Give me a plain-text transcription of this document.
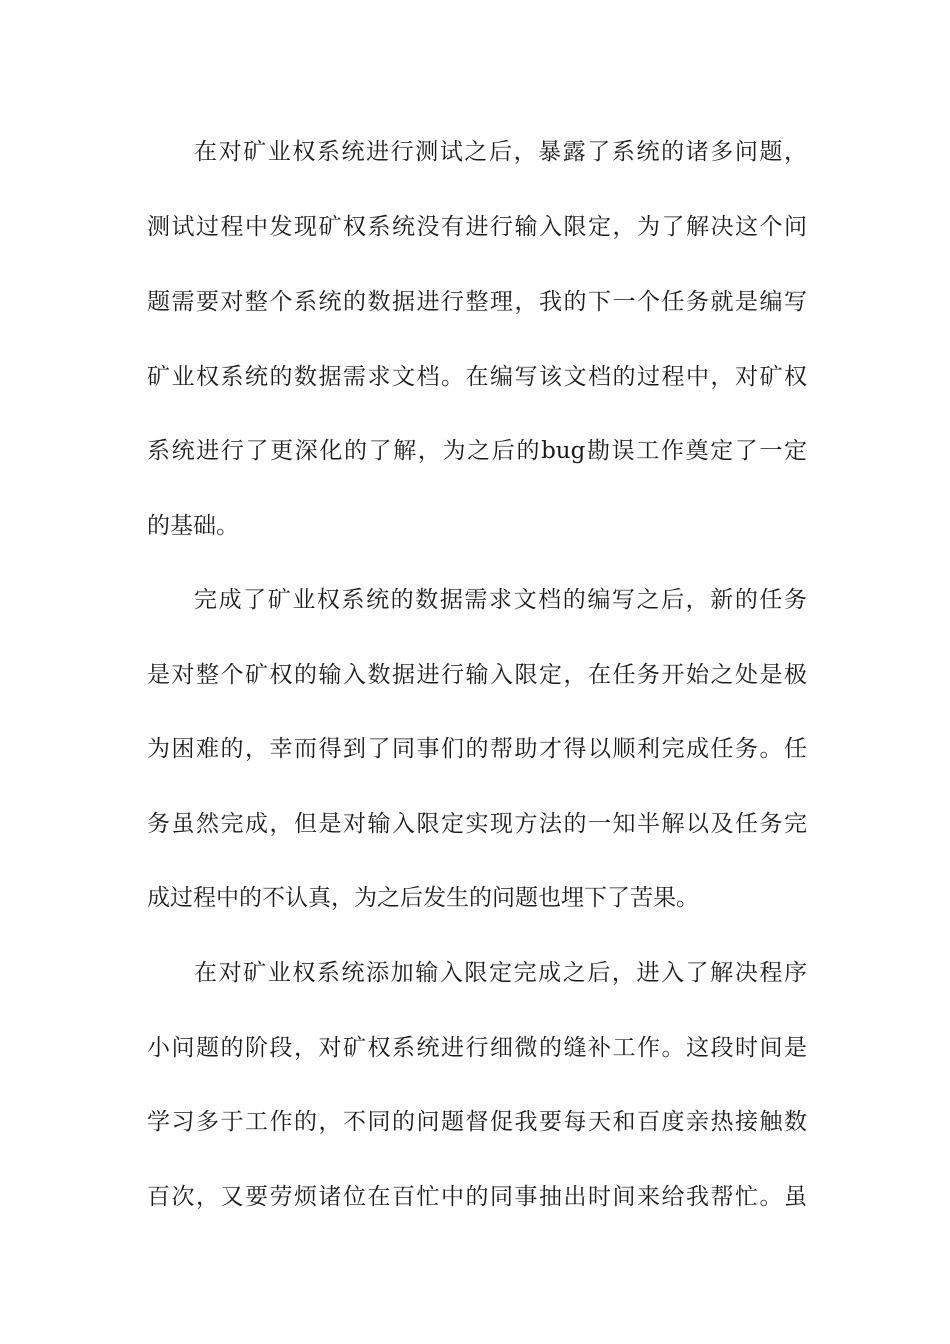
在对矿业权系统进行测试之后，暴露了系统的诸多问题，
测试过程中发现矿权系统没有进行输入限定，为了解决这个问
题需要对整个系统的数据进行整理，我的下一个任务就是编写
矿业权系统的数据需求文档。在编写该文档的过程中，对矿权
系统进行了更深化的了解，为之后的bug勘误工作奠定了一定
的基础。
完成了矿业权系统的数据需求文档的编写之后，新的任务
是对整个矿权的输入数据进行输入限定，在任务开始之处是极
为困难的，幸而得到了同事们的帮助才得以顺利完成任务。任
务虽然完成，但是对输入限定实现方法的一知半解以及任务完
成过程中的不认真，为之后发生的问题也埋下了苦果。
在对矿业权系统添加输入限定完成之后，进入了解决程序
小问题的阶段，对矿权系统进行细微的缝补工作。这段时间是
学习多于工作的，不同的问题督促我要每天和百度亲热接触数
百次，又要劳烦诸位在百忙中的同事抽出时间来给我帮忙。虽
